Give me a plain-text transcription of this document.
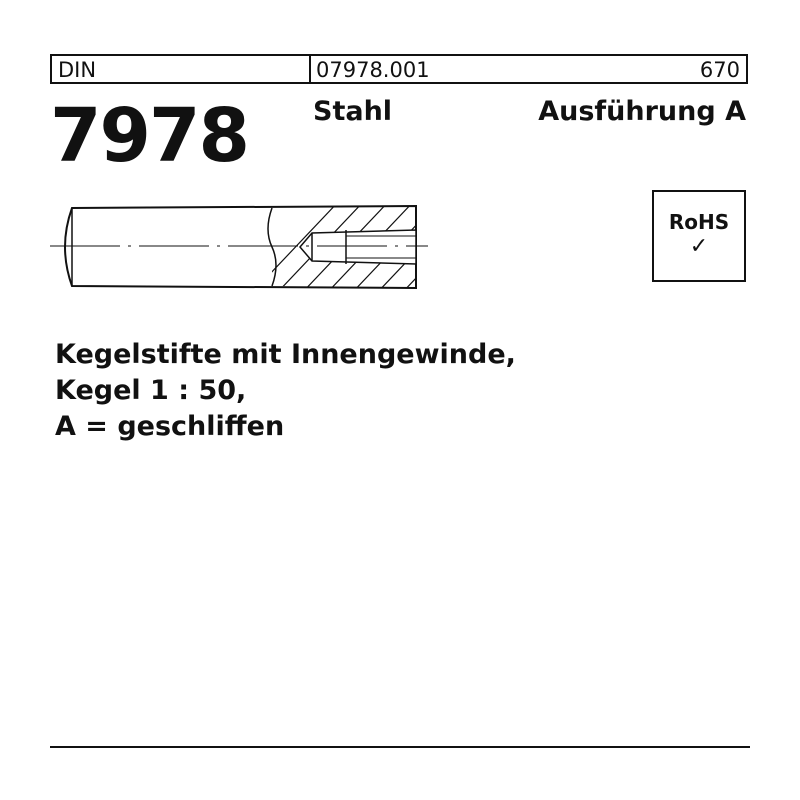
DIN	07978.001	670
7978 Stahl	Ausführung A
RoHS
✓
Kegelstifte mit Innengewinde,
Kegel 1 : 50,
A = geschliffen
